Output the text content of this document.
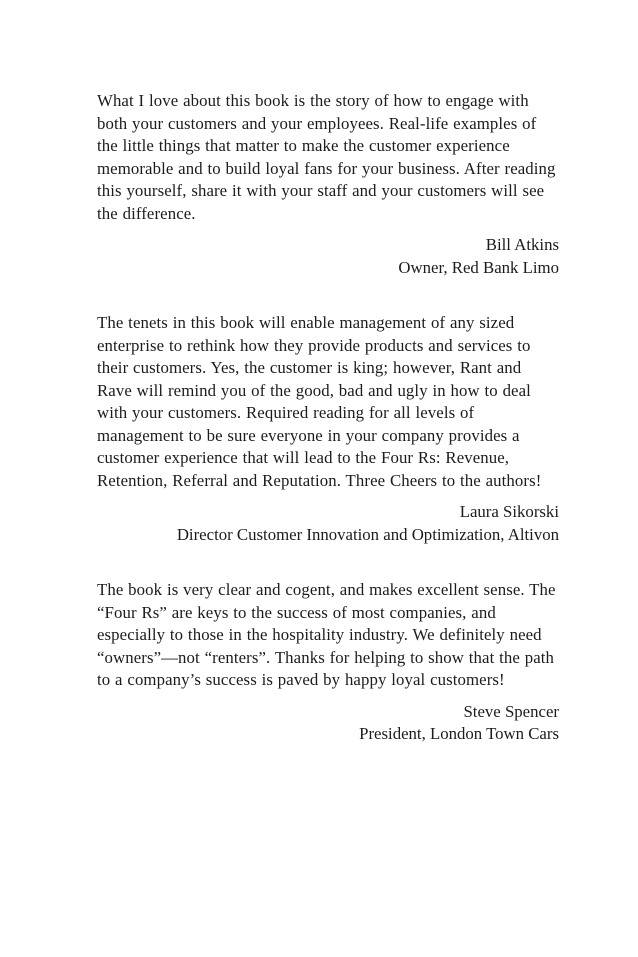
What I love about this book is the story of how to engage with both your customers and your employees. Real-life examples of the little things that matter to make the customer experience memorable and to build loyal fans for your business. After reading this yourself, share it with your staff and your customers will see the difference.

Bill Atkins
Owner, Red Bank Limo

The tenets in this book will enable management of any sized enterprise to rethink how they provide products and services to their customers. Yes, the customer is king; however, Rant and Rave will remind you of the good, bad and ugly in how to deal with your customers. Required reading for all levels of management to be sure everyone in your company provides a customer experience that will lead to the Four Rs: Revenue, Retention, Referral and Reputation. Three Cheers to the authors!

Laura Sikorski
Director Customer Innovation and Optimization, Altivon

The book is very clear and cogent, and makes excellent sense. The “Four Rs” are keys to the success of most companies, and especially to those in the hospitality industry. We definitely need “owners”—not “renters”. Thanks for helping to show that the path to a company’s success is paved by happy loyal customers!

Steve Spencer
President, London Town Cars
